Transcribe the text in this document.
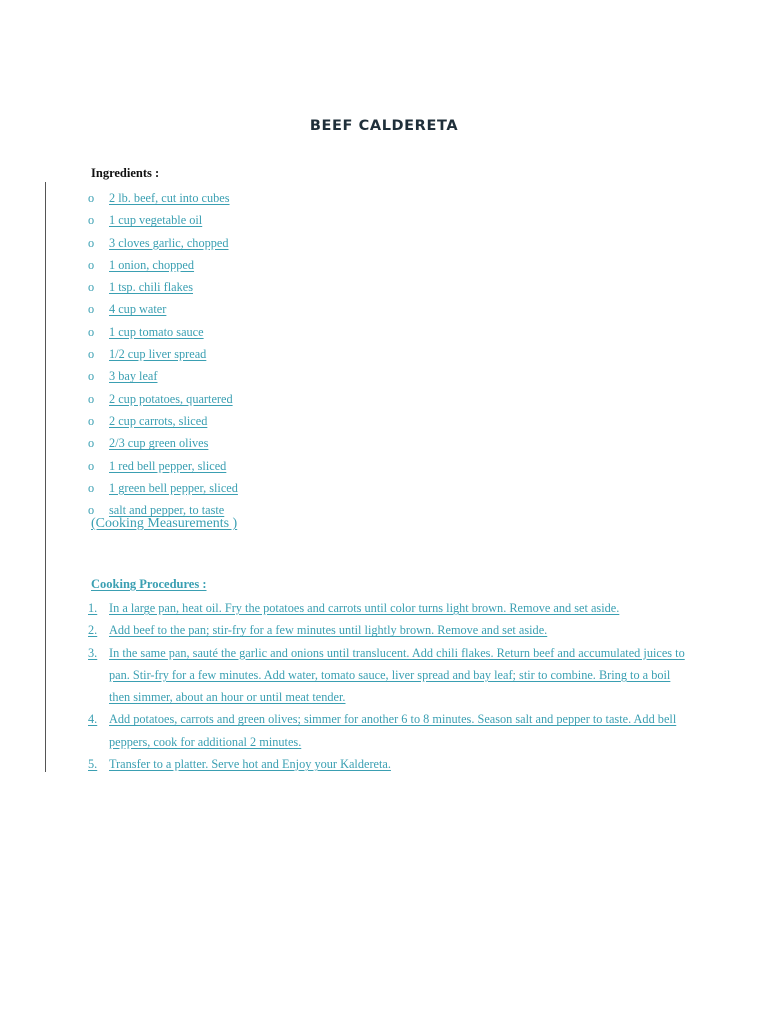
BEEF CALDERETA
Ingredients :
o 2 lb. beef, cut into cubes
o 1 cup vegetable oil
o 3 cloves garlic, chopped
o 1 onion, chopped
o 1 tsp. chili flakes
o 4 cup water
o 1 cup tomato sauce
o 1/2 cup liver spread
o 3 bay leaf
o 2 cup potatoes, quartered
o 2 cup carrots, sliced
o 2/3 cup green olives
o 1 red bell pepper, sliced
o 1 green bell pepper, sliced
o salt and pepper, to taste
(Cooking Measurements )
Cooking Procedures :
1. In a large pan, heat oil. Fry the potatoes and carrots until color turns light brown. Remove and set aside.
2. Add beef to the pan; stir-fry for a few minutes until lightly brown. Remove and set aside.
3. In the same pan, sauté the garlic and onions until translucent. Add chili flakes. Return beef and accumulated juices to pan. Stir-fry for a few minutes. Add water, tomato sauce, liver spread and bay leaf; stir to combine. Bring to a boil then simmer, about an hour or until meat tender.
4. Add potatoes, carrots and green olives; simmer for another 6 to 8 minutes. Season salt and pepper to taste. Add bell peppers, cook for additional 2 minutes.
5. Transfer to a platter. Serve hot and Enjoy your Kaldereta.
